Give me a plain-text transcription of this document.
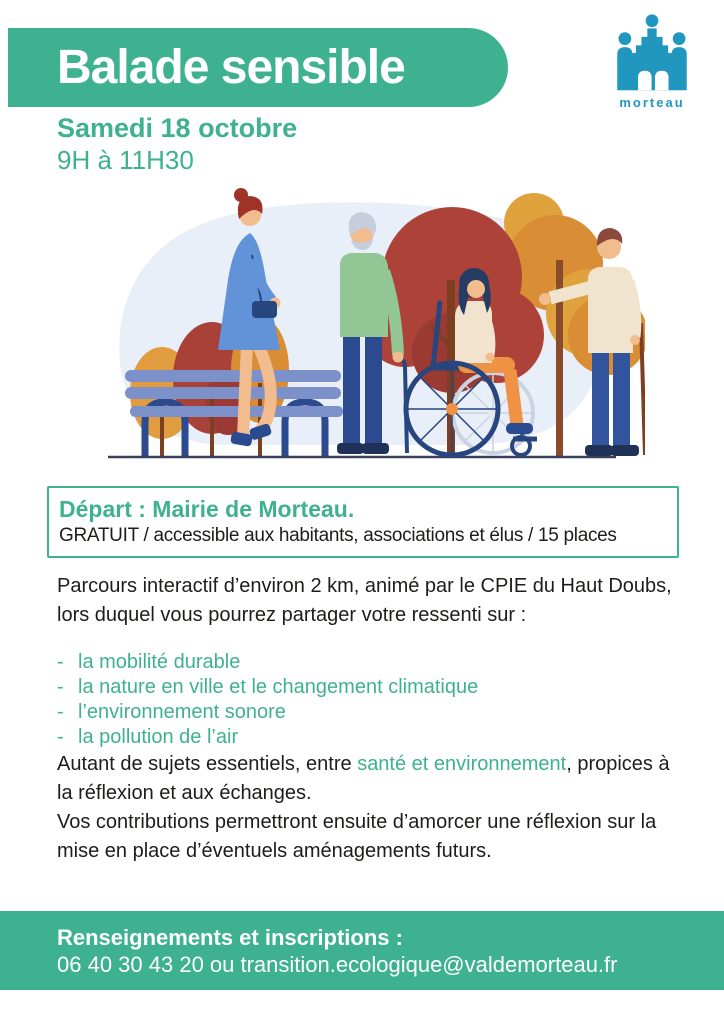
Balade sensible
morteau

Samedi 18 octobre

9H à 11H30

Départ : Mairie de Morteau.

GRATUIT / accessible aux habitants, associations et élus / 15 places

Parcours interactif d’environ 2 km, animé par le CPIE du Haut Doubs, lors duquel vous pourrez partager votre ressenti sur :

- la mobilité durable
- la nature en ville et le changement climatique
- l’environnement sonore
- la pollution de l’air

Autant de sujets essentiels, entre santé et environnement, propices à la réflexion et aux échanges.

Vos contributions permettront ensuite d’amorcer une réflexion sur la mise en place d’éventuels aménagements futurs.

Renseignements et inscriptions :

06 40 30 43 20 ou transition.ecologique@valdemorteau.fr
